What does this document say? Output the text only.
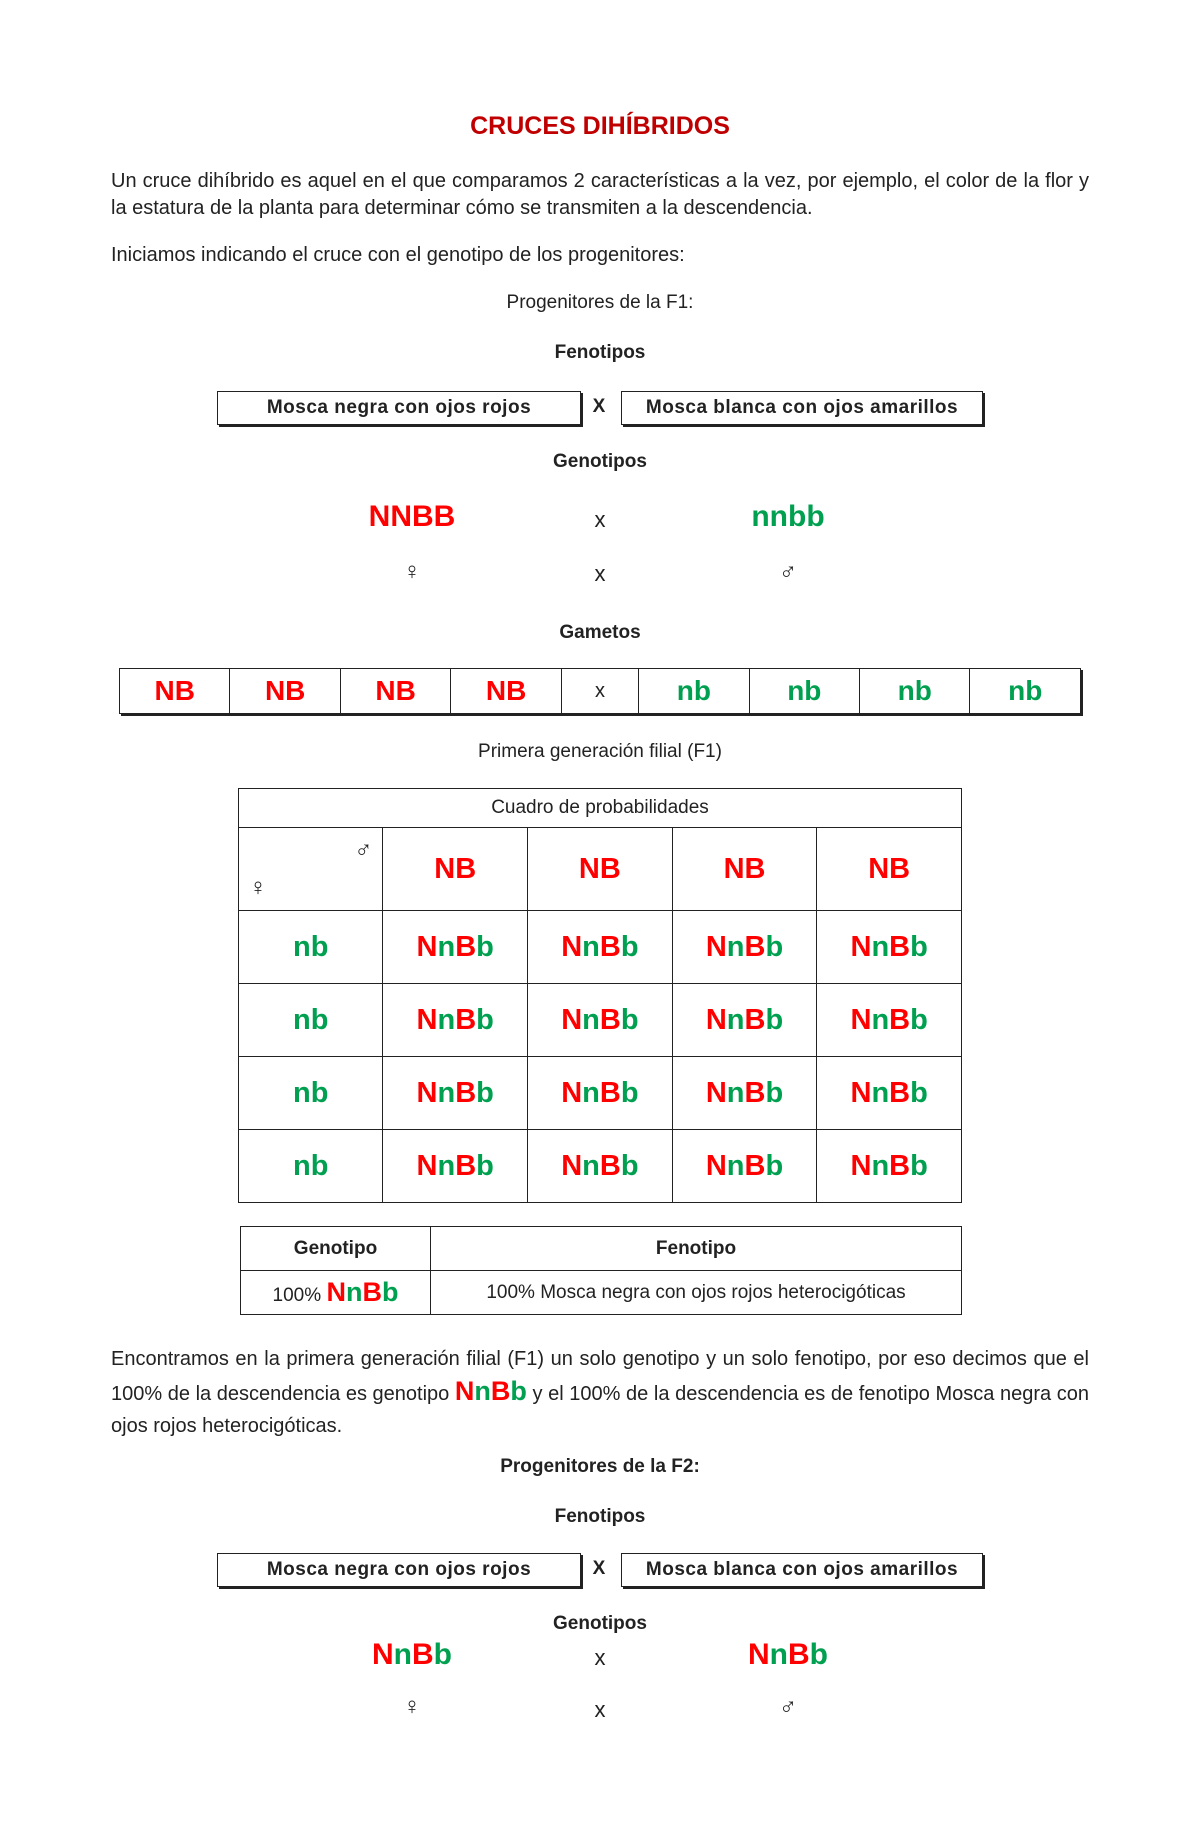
CRUCES DIHÍBRIDOS
Un cruce dihíbrido es aquel en el que comparamos 2 características a la vez, por ejemplo, el color de la flor y la estatura de la planta para determinar cómo se transmiten a la descendencia.
Iniciamos indicando el cruce con el genotipo de los progenitores:
Progenitores de la F1:
Fenotipos
Mosca negra con ojos rojos	X	Mosca blanca con ojos amarillos
Genotipos
NNBB	x	nnbb
♀	x	♂
Gametos
NB	NB	NB	NB	x	nb	nb	nb	nb
Primera generación filial (F1)
Cuadro de probabilidades				

♂
♀	NB	NB	NB	NB
nb	NnBb	NnBb	NnBb	NnBb
nb	NnBb	NnBb	NnBb	NnBb
nb	NnBb	NnBb	NnBb	NnBb
nb	NnBb	NnBb	NnBb	NnBb
Genotipo	Fenotipo
100% NnBb	100% Mosca negra con ojos rojos heterocigóticas
Encontramos en la primera generación filial (F1) un solo genotipo y un solo fenotipo, por eso decimos que el 100% de la descendencia es genotipo NnBb y el 100% de la descendencia es de fenotipo Mosca negra con ojos rojos heterocigóticas.
Progenitores de la F2:
Fenotipos
Mosca negra con ojos rojos	X	Mosca blanca con ojos amarillos
Genotipos
NnBb	x	NnBb
♀	x	♂
